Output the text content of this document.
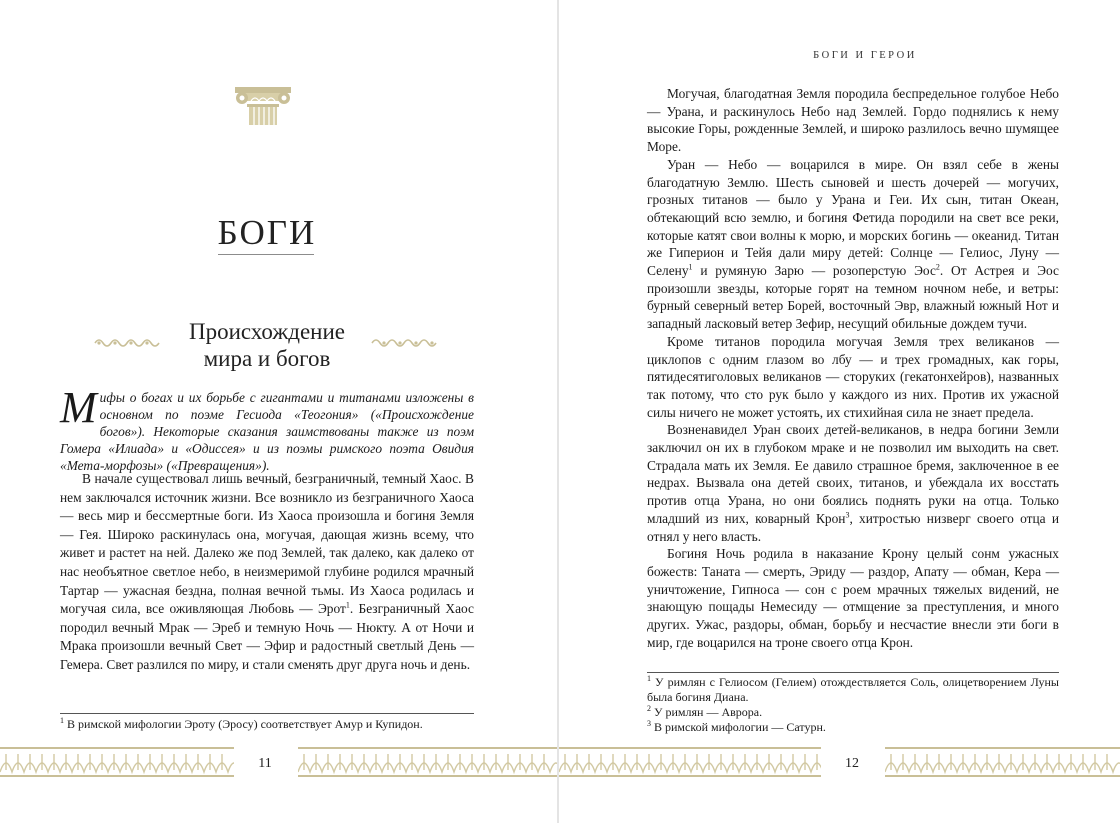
БОГИ
Происхождение
мира и богов

Мифы о богах и их борьбе с гигантами и титанами изложены в основном по поэме Гесиода «Теогония» («Происхождение богов»). Некоторые сказания заимствованы также из поэм Гомера «Илиада» и «Одиссея» и из поэмы римского поэта Овидия «Мета-морфозы» («Превращения»).

В начале существовал лишь вечный, безграничный, темный Хаос. В нем заключался источник жизни. Все возникло из безграничного Хаоса — весь мир и бессмертные боги. Из Хаоса произошла и богиня Земля — Гея. Широко раскинулась она, могучая, дающая жизнь всему, что живет и растет на ней. Далеко же под Землей, так далеко, как далеко от нас необъятное светлое небо, в неизмеримой глубине родился мрачный Тартар — ужасная бездна, полная вечной тьмы. Из Хаоса родилась и могучая сила, все оживляющая Любовь — Эрот$^1$. Безграничный Хаос породил вечный Мрак — Эреб и темную Ночь — Нюкту. А от Ночи и Мрака произошли вечный Свет — Эфир и радостный светлый День — Гемера. Свет разлился по миру, и стали сменять друг друга ночь и день.

$^1$ В римской мифологии Эроту (Эросу) соответствует Амур и Купидон.

11
БОГИ И ГЕРОИ

Могучая, благодатная Земля породила беспредельное голубое Небо — Урана, и раскинулось Небо над Землей. Гордо поднялись к нему высокие Горы, рожденные Землей, и широко разлилось вечно шумящее Море.

Уран — Небо — воцарился в мире. Он взял себе в жены благодатную Землю. Шесть сыновей и шесть дочерей — могучих, грозных титанов — было у Урана и Геи. Их сын, титан Океан, обтекающий всю землю, и богиня Фетида породили на свет все реки, которые катят свои волны к морю, и морских богинь — океанид. Титан же Гиперион и Тейя дали миру детей: Солнце — Гелиос, Луну — Селену$^1$ и румяную Зарю — розоперстую Эос$^2$. От Астрея и Эос произошли звезды, которые горят на темном ночном небе, и ветры: бурный северный ветер Борей, восточный Эвр, влажный южный Нот и западный ласковый ветер Зефир, несущий обильные дождем тучи.

Кроме титанов породила могучая Земля трех великанов — циклопов с одним глазом во лбу — и трех громадных, как горы, пятидесятиголовых великанов — сторуких (гекатонхейров), названных так потому, что сто рук было у каждого из них. Против их ужасной силы ничего не может устоять, их стихийная сила не знает предела.

Возненавидел Уран своих детей-великанов, в недра богини Земли заключил он их в глубоком мраке и не позволил им выходить на свет. Страдала мать их Земля. Ее давило страшное бремя, заключенное в ее недрах. Вызвала она детей своих, титанов, и убеждала их восстать против отца Урана, но они боялись поднять руки на отца. Только младший из них, коварный Крон$^3$, хитростью низверг своего отца и отнял у него власть.

Богиня Ночь родила в наказание Крону целый сонм ужасных божеств: Таната — смерть, Эриду — раздор, Апату — обман, Кера — уничтожение, Гипноса — сон с роем мрачных тяжелых видений, не знающую пощады Немесиду — отмщение за преступления, и много других. Ужас, раздоры, обман, борьбу и несчастие внесли эти боги в мир, где воцарился на троне своего отца Крон.

$^1$ У римлян с Гелиосом (Гелием) отождествляется Соль, олицетворением Луны была богиня Диана.

$^2$ У римлян — Аврора.

$^3$ В римской мифологии — Сатурн.

12
